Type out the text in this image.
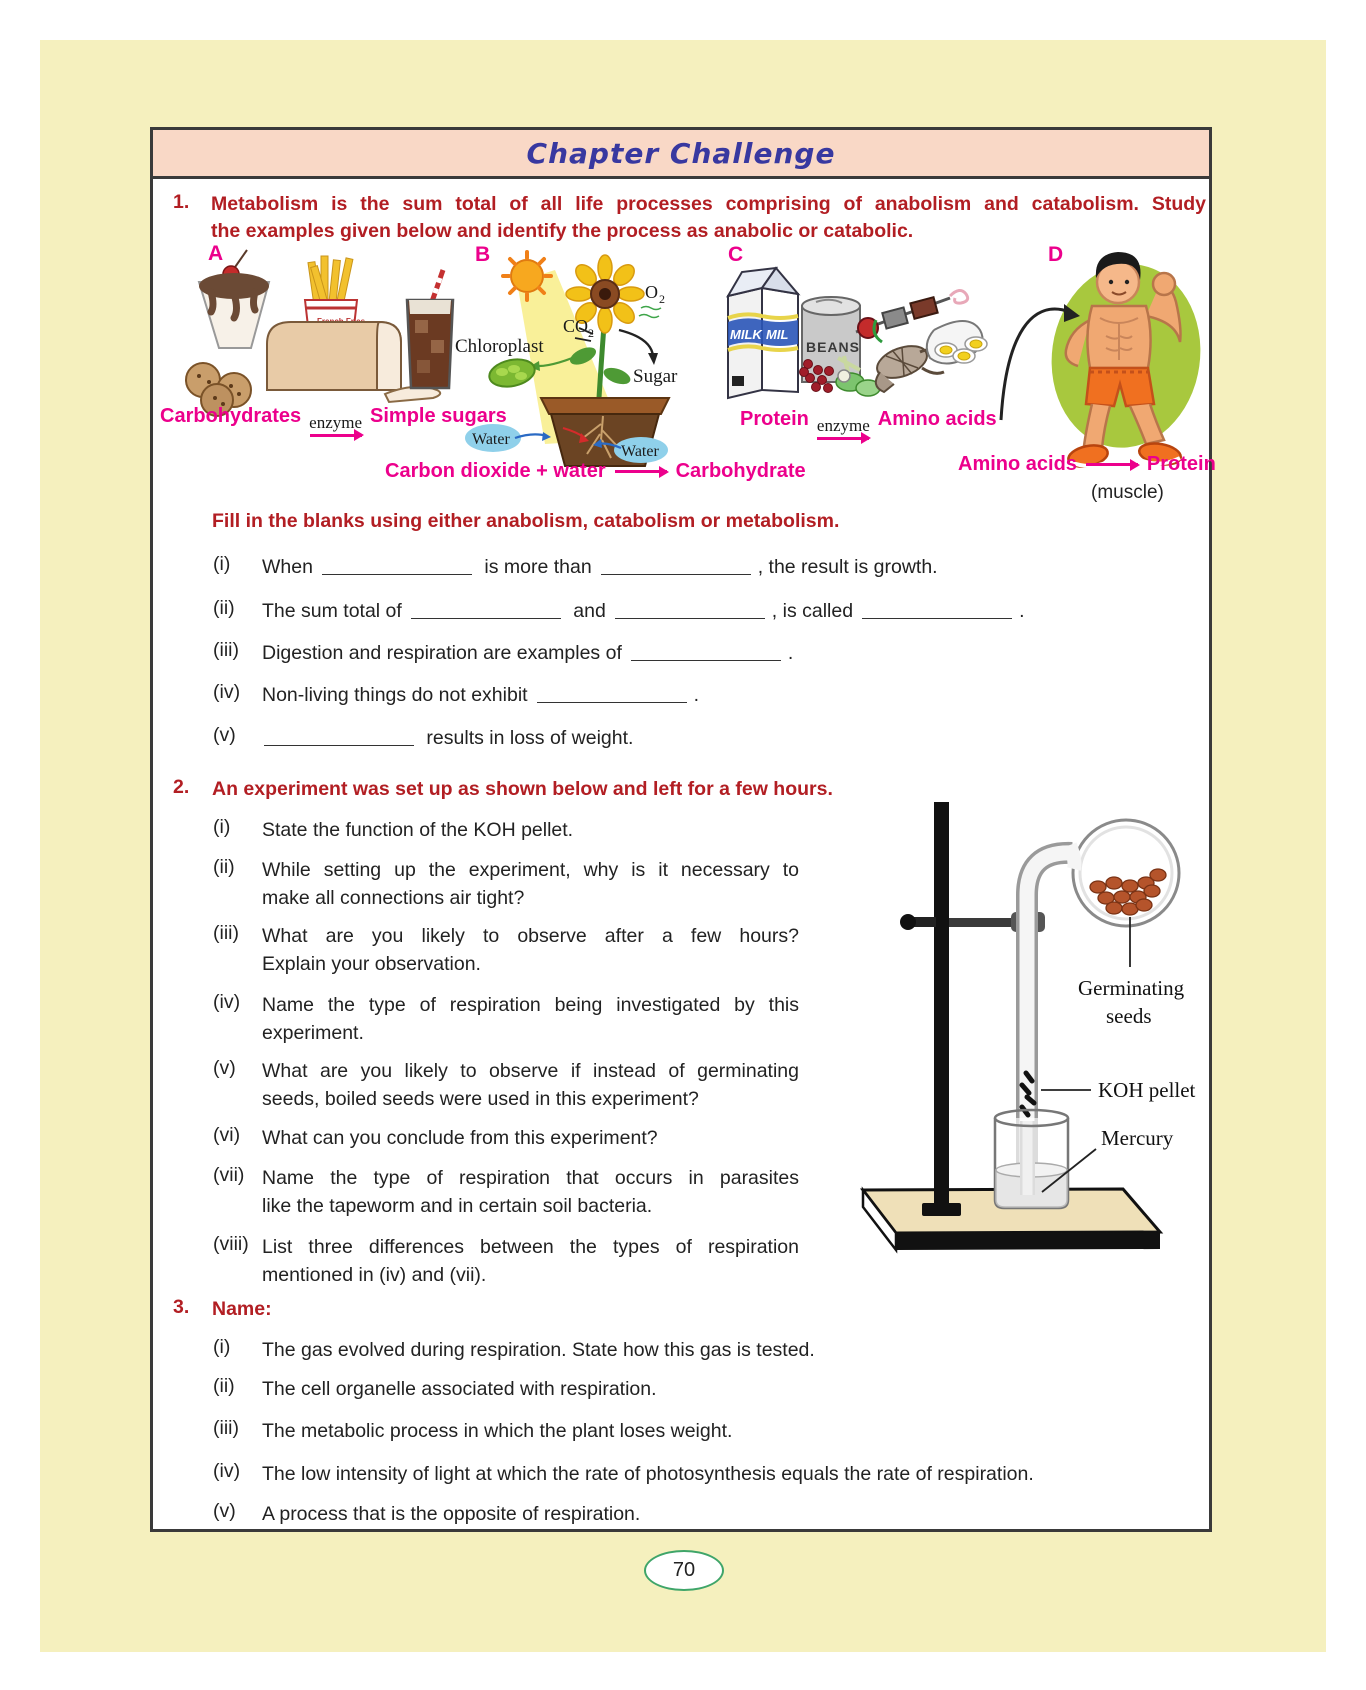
Chapter Challenge
1. Metabolism is the sum total of all life processes comprising of anabolism and catabolism. Study
the examples given below and identify the process as anabolic or catabolic.
A	B	C	D
CO 2
O 2
Chloroplast
Sugar
Water
Water
MILK MIL
BEANS
Carbohydrates enzyme Simple sugars	Protein enzyme Amino acids
Carbon dioxide + water	Carbohydrate	Amino acids	Protein
(muscle)
Fill in the blanks using either anabolism, catabolism or metabolism.
(i) When	is more than	, the result is growth.
(ii) The sum total of	and	, is called	.
(iii) Digestion and respiration are examples of	.
(iv) Non-living things do not exhibit	.
(v)	results in loss of weight.
2. An experiment was set up as shown below and left for a few hours.
(i) State the function of the KOH pellet.
(ii) While setting up the experiment, why is it necessary to
make all connections air tight?
(iii) What are you likely to observe after a few hours?
Explain your observation.
(iv) Name the type of respiration being investigated by this
experiment.
(v) What are you likely to observe if instead of germinating
seeds, boiled seeds were used in this experiment?
(vi) What can you conclude from this experiment?
(vii) Name the type of respiration that occurs in parasites
like the tapeworm and in certain soil bacteria.
(viii) List three differences between the types of respiration
mentioned in (iv) and (vii).
Germinating
seeds
KOH pellet
Mercury
3. Name:
(i) The gas evolved during respiration. State how this gas is tested.
(ii) The cell organelle associated with respiration.
(iii) The metabolic process in which the plant loses weight.
(iv) The low intensity of light at which the rate of photosynthesis equals the rate of respiration.
(v) A process that is the opposite of respiration.
70
